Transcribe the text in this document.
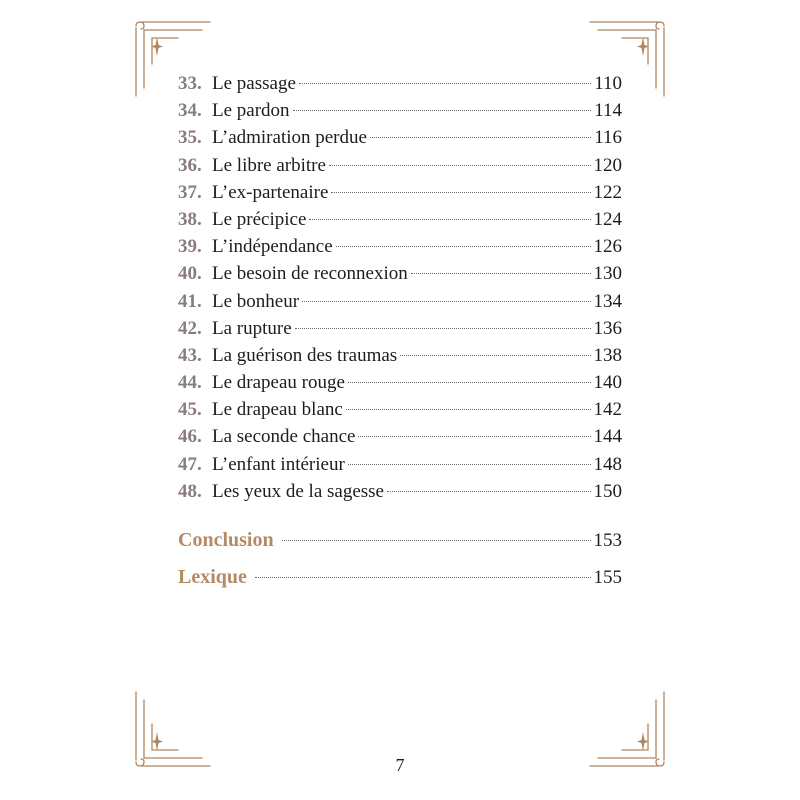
33. Le passage	110
34. Le pardon	114
35. L’admiration perdue	116
36. Le libre arbitre	120
37. L’ex-partenaire	122
38. Le précipice	124
39. L’indépendance	126
40. Le besoin de reconnexion	130
41. Le bonheur	134
42. La rupture	136
43. La guérison des traumas	138
44. Le drapeau rouge	140
45. Le drapeau blanc	142
46. La seconde chance	144
47. L’enfant intérieur	148
48. Les yeux de la sagesse	150
Conclusion	153
Lexique	155
7
